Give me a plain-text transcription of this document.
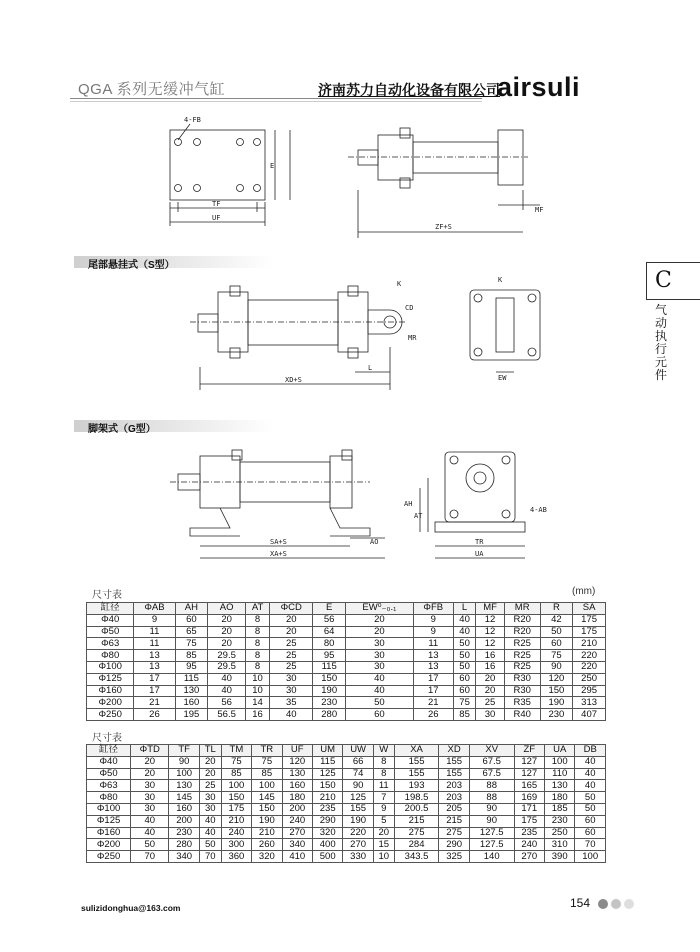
QGA 系列无缓冲气缸	济南苏力自动化设备有限公司
airsuli
C
气动执行元件
4-FB
TF
UF
E
MF
ZF+S
尾部悬挂式（S型）
K
CD
MR
L
XD+S
K
EW
脚架式（G型）
SA+S
XA+S
AO
AH
AT
4-AB
TR
UA
尺寸表	(mm)
缸径	ΦAB	AH	AO	AT	ΦCD	E	EW⁰₋₀.₁	ΦFB	L	MF	MR	R	SA
Φ40	9	60	20	8	20	56	20	9	40	12	R20	42	175
Φ50	11	65	20	8	20	64	20	9	40	12	R20	50	175
Φ63	11	75	20	8	25	80	30	11	50	12	R25	60	210
Φ80	13	85	29.5	8	25	95	30	13	50	16	R25	75	220
Φ100	13	95	29.5	8	25	115	30	13	50	16	R25	90	220
Φ125	17	115	40	10	30	150	40	17	60	20	R30	120	250
Φ160	17	130	40	10	30	190	40	17	60	20	R30	150	295
Φ200	21	160	56	14	35	230	50	21	75	25	R35	190	313
Φ250	26	195	56.5	16	40	280	60	26	85	30	R40	230	407
尺寸表
缸径	ΦTD	TF	TL	TM	TR	UF	UM	UW	W	XA	XD	XV	ZF	UA	DB
Φ40	20	90	20	75	75	120	115	66	8	155	155	67.5	127	100	40
Φ50	20	100	20	85	85	130	125	74	8	155	155	67.5	127	110	40
Φ63	30	130	25	100	100	160	150	90	11	193	203	88	165	130	40
Φ80	30	145	30	150	145	180	210	125	7	198.5	203	88	169	180	50
Φ100	30	160	30	175	150	200	235	155	9	200.5	205	90	171	185	50
Φ125	40	200	40	210	190	240	290	190	5	215	215	90	175	230	60
Φ160	40	230	40	240	210	270	320	220	20	275	275	127.5	235	250	60
Φ200	50	280	50	300	260	340	400	270	15	284	290	127.5	240	310	70
Φ250	70	340	70	360	320	410	500	330	10	343.5	325	140	270	390	100
sulizidonghua@163.com	154
